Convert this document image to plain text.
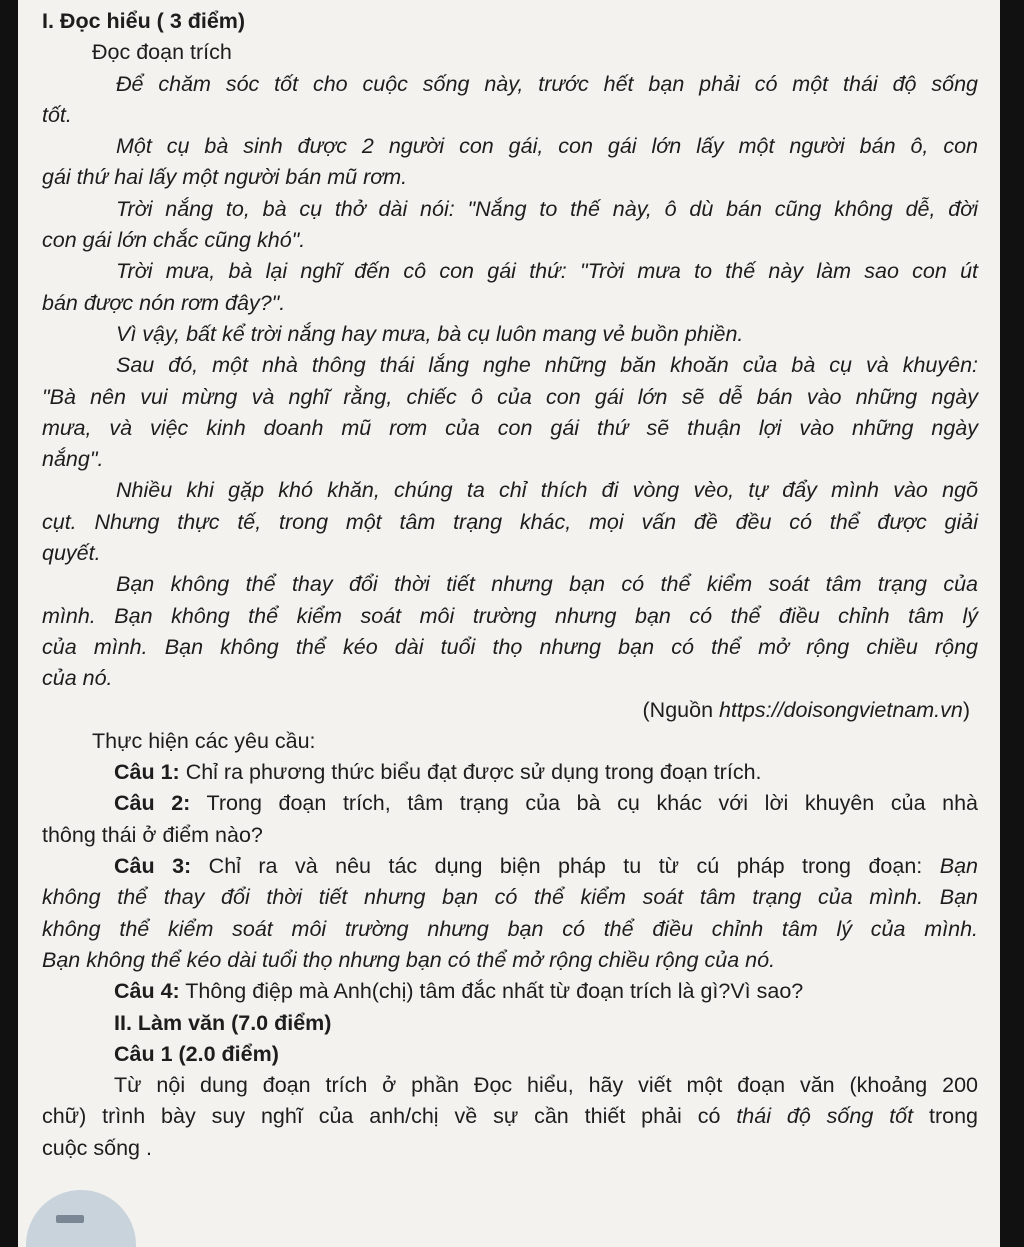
I. Đọc hiểu ( 3 điểm)
Đọc đoạn trích
Để chăm sóc tốt cho cuộc sống này, trước hết bạn phải có một thái độ sống
tốt.
Một cụ bà sinh được 2 người con gái, con gái lớn lấy một người bán ô, con
gái thứ hai lấy một người bán mũ rơm.
Trời nắng to, bà cụ thở dài nói: "Nắng to thế này, ô dù bán cũng không dễ, đời
con gái lớn chắc cũng khó".
Trời mưa, bà lại nghĩ đến cô con gái thứ: "Trời mưa to thế này làm sao con út
bán được nón rơm đây?".
Vì vậy, bất kể trời nắng hay mưa, bà cụ luôn mang vẻ buồn phiền.
Sau đó, một nhà thông thái lắng nghe những băn khoăn của bà cụ và khuyên:
"Bà nên vui mừng và nghĩ rằng, chiếc ô của con gái lớn sẽ dễ bán vào những ngày
mưa, và việc kinh doanh mũ rơm của con gái thứ sẽ thuận lợi vào những ngày
nắng".
Nhiều khi gặp khó khăn, chúng ta chỉ thích đi vòng vèo, tự đẩy mình vào ngõ
cụt. Nhưng thực tế, trong một tâm trạng khác, mọi vấn đề đều có thể được giải
quyết.
Bạn không thể thay đổi thời tiết nhưng bạn có thể kiểm soát tâm trạng của
mình. Bạn không thể kiểm soát môi trường nhưng bạn có thể điều chỉnh tâm lý
của mình. Bạn không thể kéo dài tuổi thọ nhưng bạn có thể mở rộng chiều rộng
của nó.
(Nguồn https://doisongvietnam.vn)
Thực hiện các yêu cầu:
Câu 1: Chỉ ra phương thức biểu đạt được sử dụng trong đoạn trích.
Câu 2: Trong đoạn trích, tâm trạng của bà cụ khác với lời khuyên của nhà
thông thái ở điểm nào?
Câu 3: Chỉ ra và nêu tác dụng biện pháp tu từ cú pháp trong đoạn: Bạn
không thể thay đổi thời tiết nhưng bạn có thể kiểm soát tâm trạng của mình. Bạn
không thể kiểm soát môi trường nhưng bạn có thể điều chỉnh tâm lý của mình.
Bạn không thể kéo dài tuổi thọ nhưng bạn có thể mở rộng chiều rộng của nó.
Câu 4: Thông điệp mà Anh(chị) tâm đắc nhất từ đoạn trích là gì?Vì sao?
II. Làm văn (7.0 điểm)
Câu 1 (2.0 điểm)
Từ nội dung đoạn trích ở phần Đọc hiểu, hãy viết một đoạn văn (khoảng 200
chữ) trình bày suy nghĩ của anh/chị về sự cần thiết phải có thái độ sống tốt trong
cuộc sống .
